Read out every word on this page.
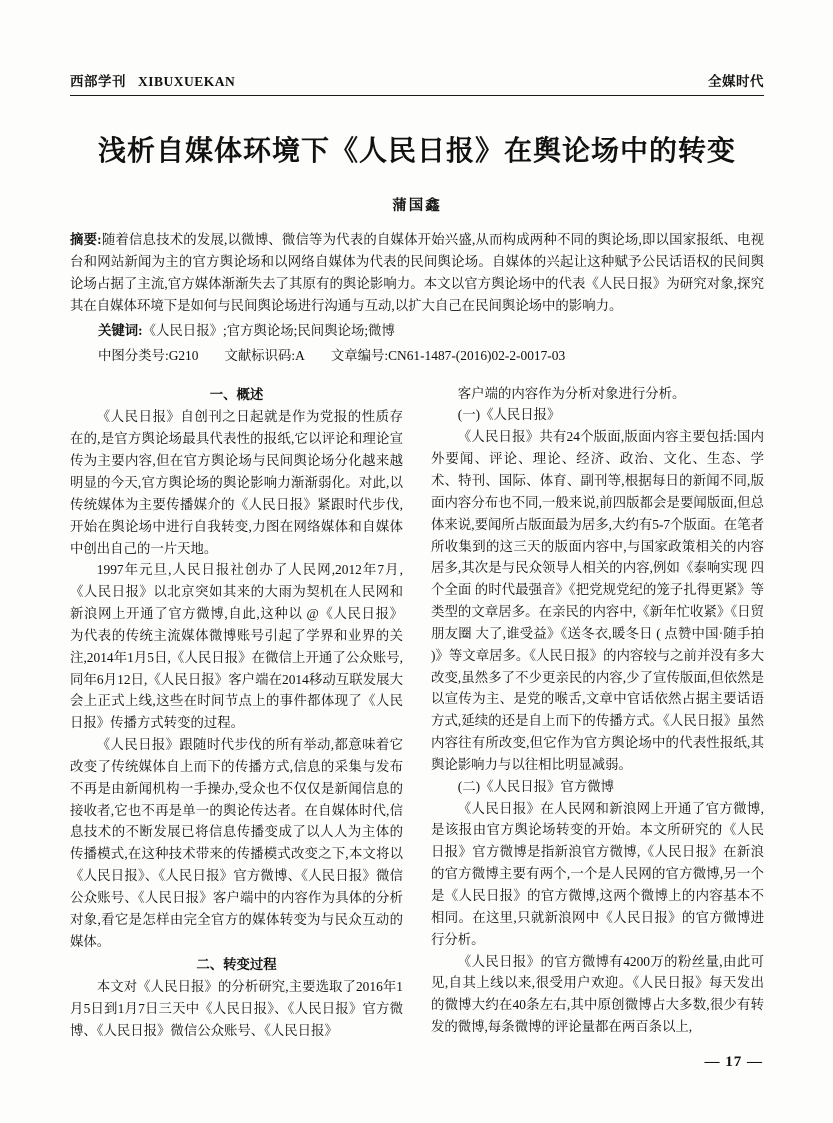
西部学刊 XIBUXUEKAN	全媒时代
浅析自媒体环境下《人民日报》在舆论场中的转变
蒲国鑫
摘要:随着信息技术的发展,以微博、微信等为代表的自媒体开始兴盛,从而构成两种不同的舆论场,即以国家报纸、电视台和网站新闻为主的官方舆论场和以网络自媒体为代表的民间舆论场。自媒体的兴起让这种赋予公民话语权的民间舆论场占据了主流,官方媒体渐渐失去了其原有的舆论影响力。本文以官方舆论场中的代表《人民日报》为研究对象,探究其在自媒体环境下是如何与民间舆论场进行沟通与互动,以扩大自己在民间舆论场中的影响力。
关键词:《人民日报》;官方舆论场;民间舆论场;微博
中图分类号:G210 文献标识码:A 文章编号:CN61-1487-(2016)02-2-0017-03

一、概述

《人民日报》自创刊之日起就是作为党报的性质存在的,是官方舆论场最具代表性的报纸,它以评论和理论宣传为主要内容,但在官方舆论场与民间舆论场分化越来越明显的今天,官方舆论场的舆论影响力渐渐弱化。对此,以传统媒体为主要传播媒介的《人民日报》紧跟时代步伐,开始在舆论场中进行自我转变,力图在网络媒体和自媒体中创出自己的一片天地。

1997年元旦,人民日报社创办了人民网,2012年7月,《人民日报》以北京突如其来的大雨为契机在人民网和新浪网上开通了官方微博,自此,这种以 @《人民日报》 为代表的传统主流媒体微博账号引起了学界和业界的关注,2014年1月5日,《人民日报》在微信上开通了公众账号,同年6月12日,《人民日报》客户端在2014移动互联发展大会上正式上线,这些在时间节点上的事件都体现了《人民日报》传播方式转变的过程。

《人民日报》跟随时代步伐的所有举动,都意味着它改变了传统媒体自上而下的传播方式,信息的采集与发布不再是由新闻机构一手操办,受众也不仅仅是新闻信息的接收者,它也不再是单一的舆论传达者。在自媒体时代,信息技术的不断发展已将信息传播变成了以人人为主体的传播模式,在这种技术带来的传播模式改变之下,本文将以《人民日报》、《人民日报》官方微博、《人民日报》微信公众账号、《人民日报》客户端中的内容作为具体的分析对象,看它是怎样由完全官方的媒体转变为与民众互动的媒体。

二、转变过程

本文对《人民日报》的分析研究,主要选取了2016年1月5日到1月7日三天中《人民日报》、《人民日报》官方微博、《人民日报》微信公众账号、《人民日报》

客户端的内容作为分析对象进行分析。

(一)《人民日报》

《人民日报》共有24个版面,版面内容主要包括:国内外要闻、评论、理论、经济、政治、文化、生态、学术、特刊、国际、体育、副刊等,根据每日的新闻不同,版面内容分布也不同,一般来说,前四版都会是要闻版面,但总体来说,要闻所占版面最为居多,大约有5-7个版面。在笔者所收集到的这三天的版面内容中,与国家政策相关的内容居多,其次是与民众领导人相关的内容,例如《泰响实现 四个全面 的时代最强音》《把党规党纪的笼子扎得更紧》等类型的文章居多。在亲民的内容中,《新年忙收紧》《日贸 朋友圈 大了,谁受益》《送冬衣,暖冬日 ( 点赞中国·随手拍 )》等文章居多。《人民日报》的内容较与之前并没有多大改变,虽然多了不少更亲民的内容,少了宣传版面,但依然是以宣传为主、是党的喉舌,文章中官话依然占据主要话语方式,延续的还是自上而下的传播方式。《人民日报》虽然内容往有所改变,但它作为官方舆论场中的代表性报纸,其舆论影响力与以往相比明显减弱。

(二)《人民日报》官方微博

《人民日报》在人民网和新浪网上开通了官方微博,是该报由官方舆论场转变的开始。本文所研究的《人民日报》官方微博是指新浪官方微博,《人民日报》在新浪的官方微博主要有两个,一个是人民网的官方微博,另一个是《人民日报》的官方微博,这两个微博上的内容基本不相同。在这里,只就新浪网中《人民日报》的官方微博进行分析。

《人民日报》的官方微博有4200万的粉丝量,由此可见,自其上线以来,很受用户欢迎。《人民日报》每天发出的微博大约在40条左右,其中原创微博占大多数,很少有转发的微博,每条微博的评论量都在两百条以上,

— 17 —
